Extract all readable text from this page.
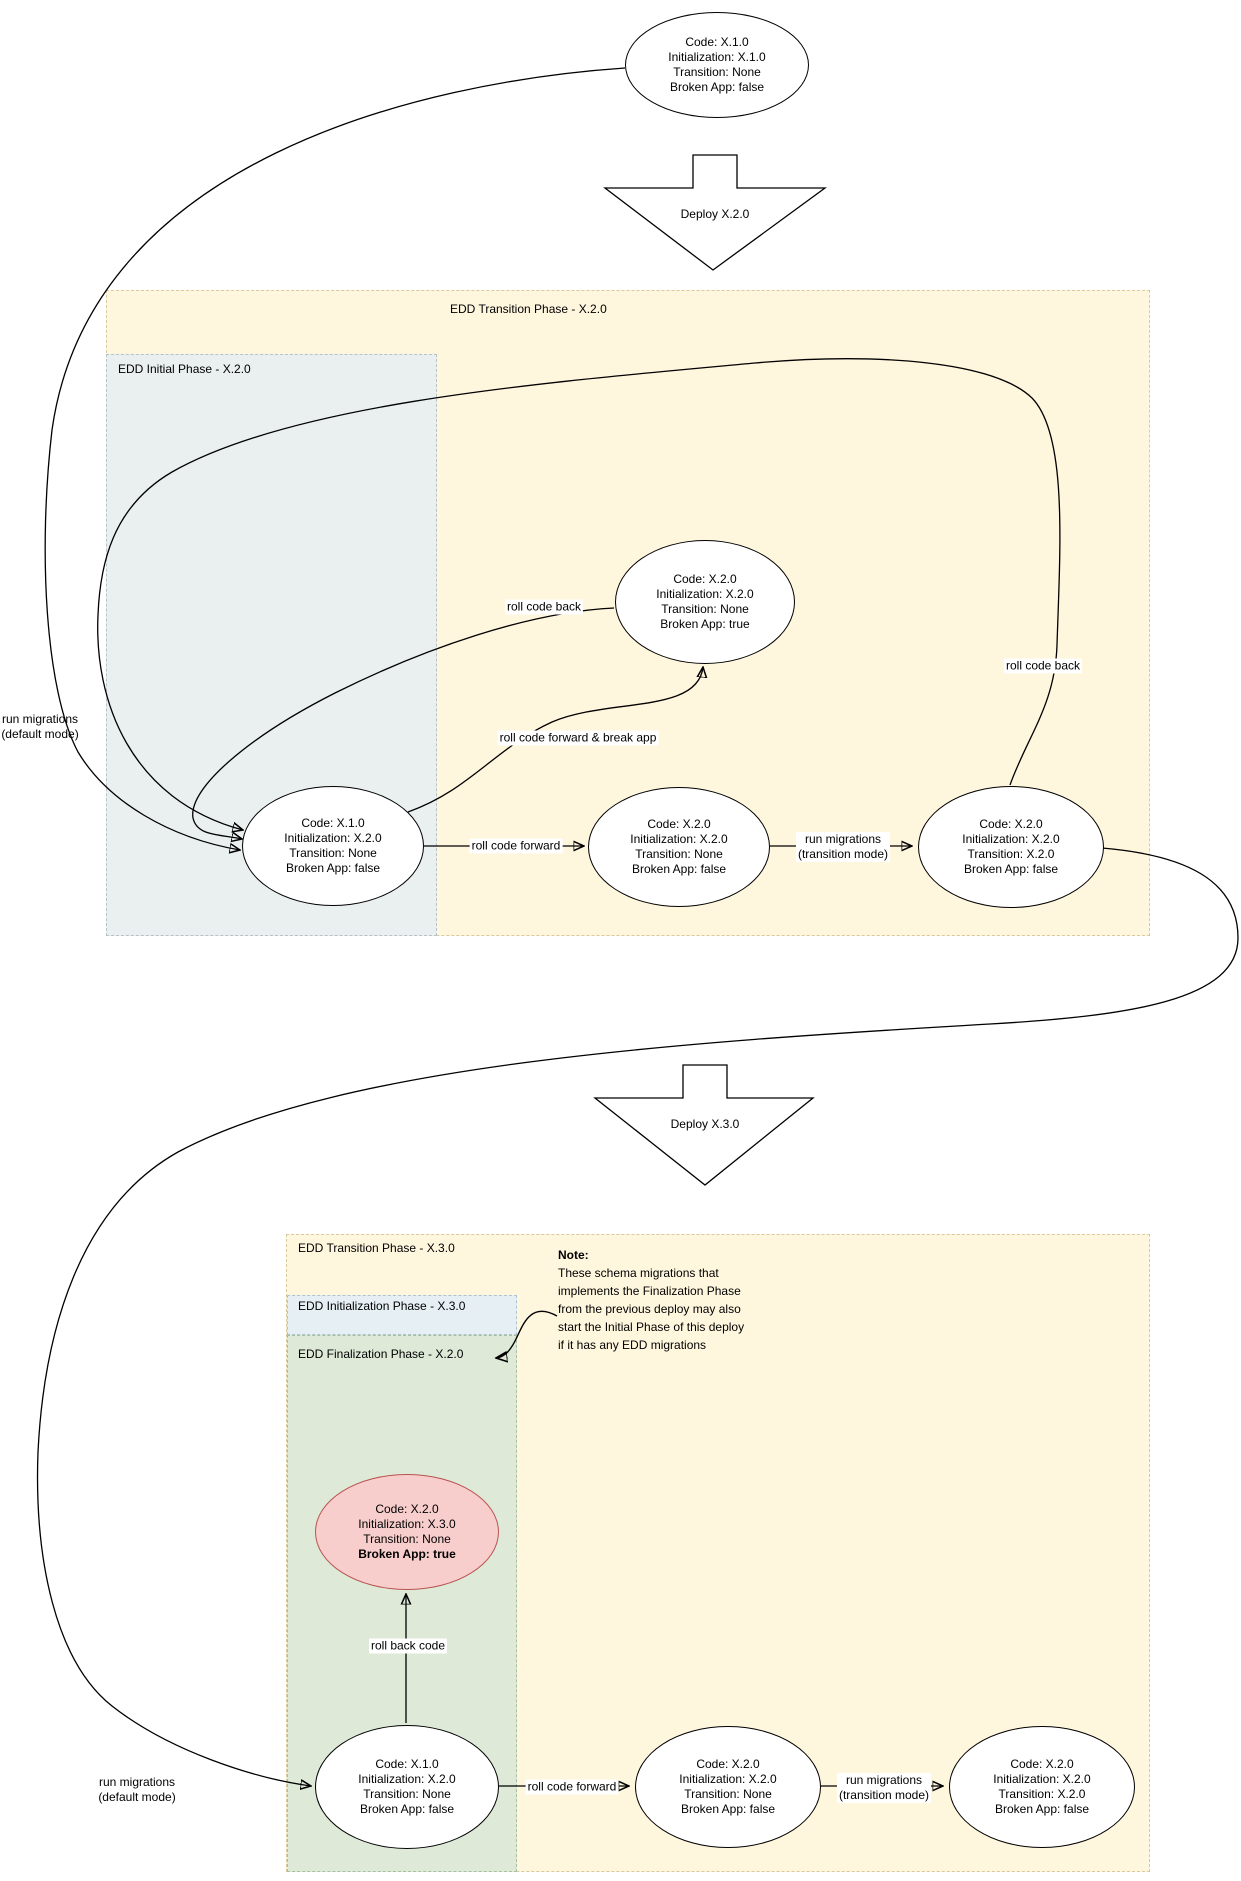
EDD Transition Phase - X.2.0
EDD Initial Phase - X.2.0
EDD Transition Phase - X.3.0
EDD Initialization Phase - X.3.0
EDD Finalization Phase - X.2.0
Deploy X.2.0
Deploy X.3.0
Code: X.1.0
Initialization: X.1.0
Transition: None
Broken App: false
Code: X.2.0
Initialization: X.2.0
Transition: None
Broken App: true
Code: X.1.0
Initialization: X.2.0
Transition: None
Broken App: false
Code: X.2.0
Initialization: X.2.0
Transition: None
Broken App: false
Code: X.2.0
Initialization: X.2.0
Transition: X.2.0
Broken App: false
Code: X.2.0
Initialization: X.3.0
Transition: None
Broken App: true
Code: X.1.0
Initialization: X.2.0
Transition: None
Broken App: false
Code: X.2.0
Initialization: X.2.0
Transition: None
Broken App: false
Code: X.2.0
Initialization: X.2.0
Transition: X.2.0
Broken App: false
run migrations
(default mode)
roll code forward
roll code forward & break app
roll code back
run migrations
(transition mode)
roll code back
run migrations
(default mode)
roll back code
roll code forward	run migrations
(transition mode)
Note:
These schema migrations that
implements the Finalization Phase
from the previous deploy may also
start the Initial Phase of this deploy
if it has any EDD migrations
